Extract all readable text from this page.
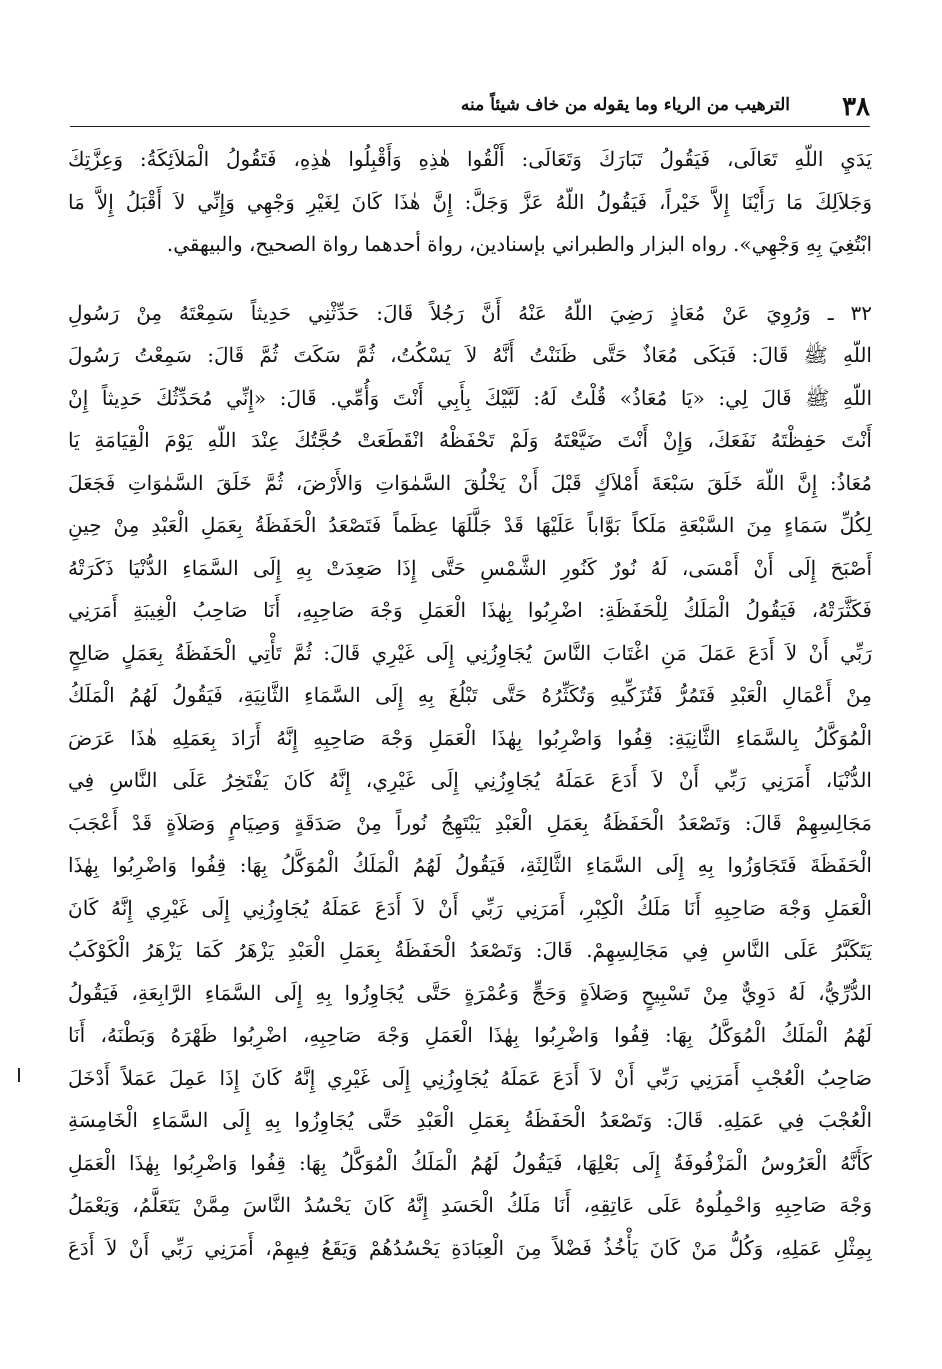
٣٨
الترهيب من الرياء وما يقوله من خاف شيئاً منه
يَدَيِ اللّهِ تَعَالَى، فَيَقُولُ تَبَارَكَ وَتَعَالَى: أَلْقُوا هٰذِهِ وَأَقْبِلُوا هٰذِهِ، فَتَقُولُ الْمَلاَئِكَةُ: وَعِزَّتِكَ
وَجَلاَلِكَ مَا رَأَيْنَا إِلاَّ خَيْراً، فَيَقُولُ اللّهُ عَزَّ وَجَلَّ: إِنَّ هٰذَا كَانَ لِغَيْرِ وَجْهِي وَإِنِّي لاَ أَقْبَلُ إِلاَّ مَا
ابْتُغِيَ بِهِ وَجْهِي». رواه البزار والطبراني بإسنادين، رواة أحدهما رواة الصحيح، والبيهقي.
٣٢ ـ وَرُوِيَ عَنْ مُعَاذٍ رَضِيَ اللّهُ عَنْهُ أَنَّ رَجُلاً قَالَ: حَدِّثْنِي حَدِيثاً سَمِعْتَهُ مِنْ رَسُولِ
اللّهِ ﷺ قَالَ: فَبَكَى مُعَاذٌ حَتَّى ظَنَنْتُ أَنَّهُ لاَ يَسْكُتُ، ثُمَّ سَكَتَ ثُمَّ قَالَ: سَمِعْتُ رَسُولَ
اللّهِ ﷺ قَالَ لِي: «يَا مُعَاذُ» قُلْتُ لَهُ: لَبَّيْكَ بِأَبِي أَنْتَ وَأُمِّي. قَالَ: «إِنِّي مُحَدِّثُكَ حَدِيثاً إِنْ
أَنْتَ حَفِظْتَهُ نَفَعَكَ، وَإِنْ أَنْتَ ضَيَّعْتَهُ وَلَمْ تَحْفَظْهُ انْقَطَعَتْ حُجَّتُكَ عِنْدَ اللّهِ يَوْمَ الْقِيَامَةِ يَا
مُعَاذُ: إِنَّ اللّهَ خَلَقَ سَبْعَةَ أَمْلاَكٍ قَبْلَ أَنْ يَخْلُقَ السَّمٰوَاتِ وَالأَرْضَ، ثُمَّ خَلَقَ السَّمٰوَاتِ فَجَعَلَ
لِكُلِّ سَمَاءٍ مِنَ السَّبْعَةِ مَلَكاً بَوَّاباً عَلَيْهَا قَدْ جَلَّلَهَا عِظَماً فَتَصْعَدُ الْحَفَظَةُ بِعَمَلِ الْعَبْدِ مِنْ حِينِ
أَصْبَحَ إِلَى أَنْ أَمْسَى، لَهُ نُورٌ كَنُورِ الشَّمْسِ حَتَّى إِذَا صَعِدَتْ بِهِ إِلَى السَّمَاءِ الدُّنْيَا ذَكَرَتْهُ
فَكَثَّرَتْهُ، فَيَقُولُ الْمَلَكُ لِلْحَفَظَةِ: اضْرِبُوا بِهٰذَا الْعَمَلِ وَجْهَ صَاحِبِهِ، أَنَا صَاحِبُ الْغِيبَةِ أَمَرَنِي
رَبِّي أَنْ لاَ أَدَعَ عَمَلَ مَنِ اغْتَابَ النَّاسَ يُجَاوِزُنِي إِلَى غَيْرِي قَالَ: ثُمَّ تَأْتِي الْحَفَظَةُ بِعَمَلٍ صَالِحٍ
مِنْ أَعْمَالِ الْعَبْدِ فَتَمُرُّ فَتُزَكِّيهِ وَتُكَثِّرُهُ حَتَّى تَبْلُغَ بِهِ إِلَى السَّمَاءِ الثَّانِيَةِ، فَيَقُولُ لَهُمُ الْمَلَكُ
الْمُوَكَّلُ بِالسَّمَاءِ الثَّانِيَةِ: قِفُوا وَاضْرِبُوا بِهٰذَا الْعَمَلِ وَجْهَ صَاحِبِهِ إِنَّهُ أَرَادَ بِعَمَلِهِ هٰذَا عَرَضَ
الدُّنْيَا، أَمَرَنِي رَبِّي أَنْ لاَ أَدَعَ عَمَلَهُ يُجَاوِزُنِي إِلَى غَيْرِي، إِنَّهُ كَانَ يَفْتَخِرُ عَلَى النَّاسِ فِي
مَجَالِسِهِمْ قَالَ: وَتَصْعَدُ الْحَفَظَةُ بِعَمَلِ الْعَبْدِ يَبْتَهِجُ نُوراً مِنْ صَدَقَةٍ وَصِيَامٍ وَصَلاَةٍ قَدْ أَعْجَبَ
الْحَفَظَةَ فَتَجَاوَزُوا بِهِ إِلَى السَّمَاءِ الثَّالِثَةِ، فَيَقُولُ لَهُمُ الْمَلَكُ الْمُوَكَّلُ بِهَا: قِفُوا وَاضْرِبُوا بِهٰذَا
الْعَمَلِ وَجْهَ صَاحِبِهِ أَنَا مَلَكُ الْكِبْرِ، أَمَرَنِي رَبِّي أَنْ لاَ أَدَعَ عَمَلَهُ يُجَاوِزُنِي إِلَى غَيْرِي إِنَّهُ كَانَ
يَتَكَبَّرُ عَلَى النَّاسِ فِي مَجَالِسِهِمْ. قَالَ: وَتَصْعَدُ الْحَفَظَةُ بِعَمَلِ الْعَبْدِ يَزْهَرُ كَمَا يَزْهَرُ الْكَوْكَبُ
الدُّرِّيُّ، لَهُ دَوِيٌّ مِنْ تَسْبِيحٍ وَصَلاَةٍ وَحَجٍّ وَعُمْرَةٍ حَتَّى يُجَاوِزُوا بِهِ إِلَى السَّمَاءِ الرَّابِعَةِ، فَيَقُولُ
لَهُمُ الْمَلَكُ الْمُوَكَّلُ بِهَا: قِفُوا وَاضْرِبُوا بِهٰذَا الْعَمَلِ وَجْهَ صَاحِبِهِ، اضْرِبُوا ظَهْرَهُ وَبَطْنَهُ، أَنَا
صَاحِبُ الْعُجْبِ أَمَرَنِي رَبِّي أَنْ لاَ أَدَعَ عَمَلَهُ يُجَاوِزُنِي إِلَى غَيْرِي إِنَّهُ كَانَ إِذَا عَمِلَ عَمَلاً أَدْخَلَ
الْعُجْبَ فِي عَمَلِهِ. قَالَ: وَتَصْعَدُ الْحَفَظَةُ بِعَمَلِ الْعَبْدِ حَتَّى يُجَاوِزُوا بِهِ إِلَى السَّمَاءِ الْخَامِسَةِ
كَأَنَّهُ الْعَرُوسُ الْمَزْفُوفَةُ إِلَى بَعْلِهَا، فَيَقُولُ لَهُمُ الْمَلَكُ الْمُوَكَّلُ بِهَا: قِفُوا وَاضْرِبُوا بِهٰذَا الْعَمَلِ
وَجْهَ صَاحِبِهِ وَاحْمِلُوهُ عَلَى عَاتِقِهِ، أَنَا مَلَكُ الْحَسَدِ إِنَّهُ كَانَ يَحْسُدُ النَّاسَ مِمَّنْ يَتَعَلَّمُ، وَيَعْمَلُ
بِمِثْلِ عَمَلِهِ، وَكُلُّ مَنْ كَانَ يَأْخُذُ فَضْلاً مِنَ الْعِبَادَةِ يَحْسُدُهُمْ وَيَقَعُ فِيهِمْ، أَمَرَنِي رَبِّي أَنْ لاَ أَدَعَ
